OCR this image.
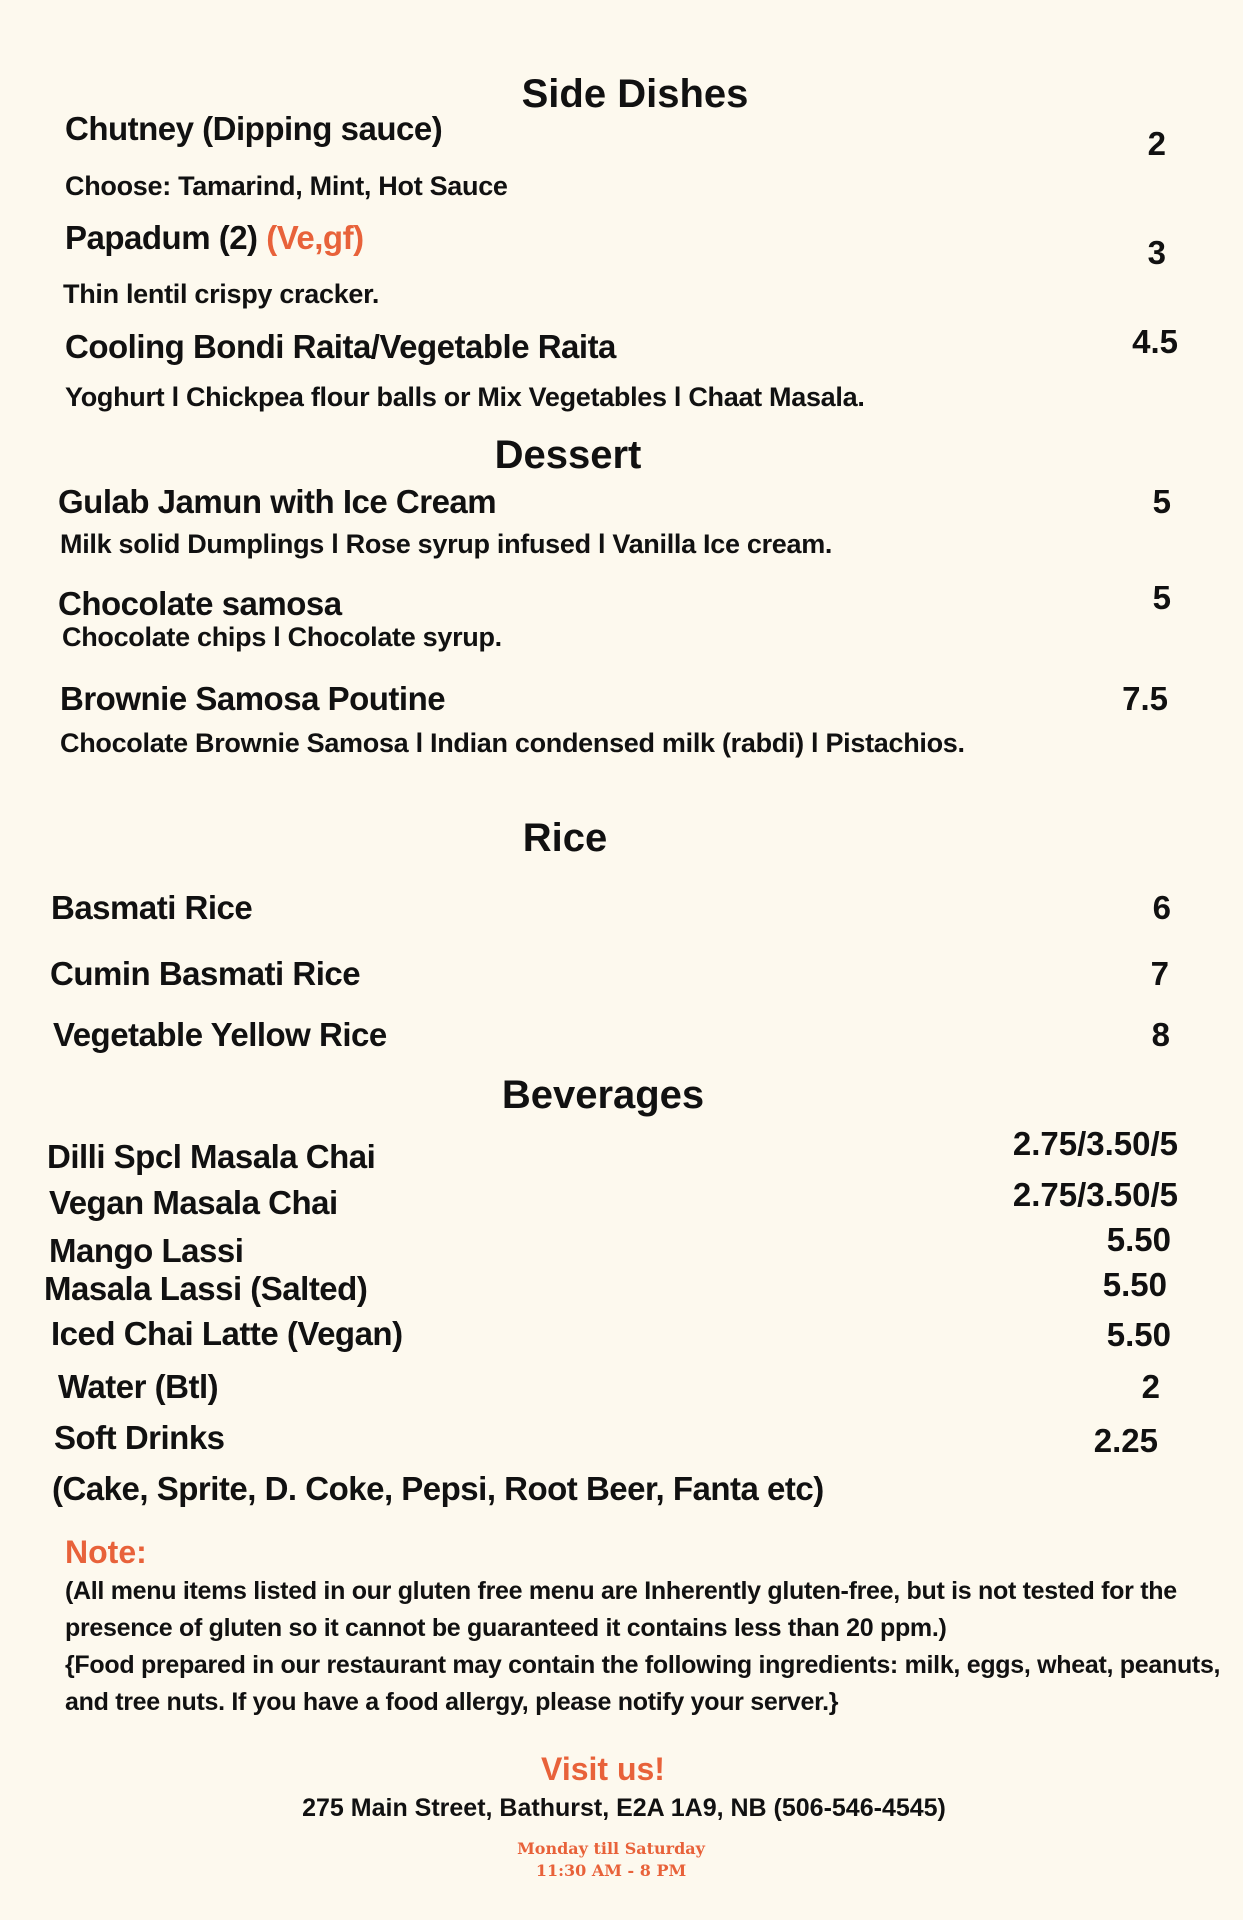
Side Dishes
Chutney (Dipping sauce)	2
Choose: Tamarind, Mint, Hot Sauce
Papadum (2) (Ve,gf)	3
Thin lentil crispy cracker.
Cooling Bondi Raita/Vegetable Raita	4.5
Yoghurt l Chickpea flour balls or Mix Vegetables l Chaat Masala.
Dessert
Gulab Jamun with Ice Cream	5
Milk solid Dumplings l Rose syrup infused l Vanilla Ice cream.
Chocolate samosa	5
Chocolate chips l Chocolate syrup.
Brownie Samosa Poutine	7.5
Chocolate Brownie Samosa l Indian condensed milk (rabdi) l Pistachios.
Rice
Basmati Rice	6
Cumin Basmati Rice	7
Vegetable Yellow Rice	8
Beverages
Dilli Spcl Masala Chai	2.75/3.50/5
Vegan Masala Chai	2.75/3.50/5
Mango Lassi	5.50
Masala Lassi (Salted)	5.50
Iced Chai Latte (Vegan)	5.50
Water (Btl)	2
Soft Drinks	2.25
(Cake, Sprite, D. Coke, Pepsi, Root Beer, Fanta etc)
Note:
(All menu items listed in our gluten free menu are Inherently gluten-free, but is not tested for the
presence of gluten so it cannot be guaranteed it contains less than 20 ppm.)
{Food prepared in our restaurant may contain the following ingredients: milk, eggs, wheat, peanuts,
and tree nuts. If you have a food allergy, please notify your server.}
Visit us!
275 Main Street, Bathurst, E2A 1A9, NB (506-546-4545)
Monday till Saturday
11:30 AM - 8 PM
